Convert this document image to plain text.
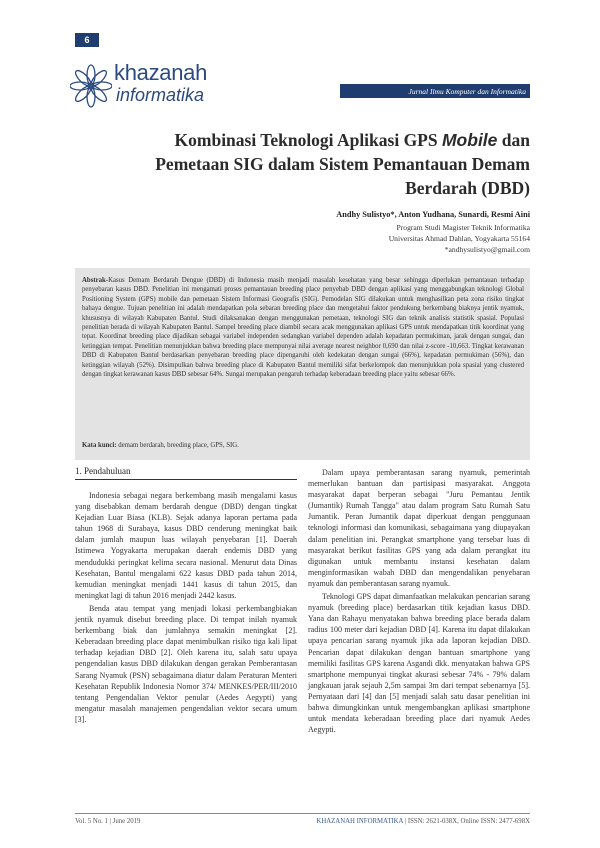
6
khazanah
informatika	Jurnal Ilmu Komputer dan Informatika
Kombinasi Teknologi Aplikasi GPS Mobile dan Pemetaan SIG dalam Sistem Pemantauan Demam Berdarah (DBD)
Andhy Sulistyo*, Anton Yudhana, Sunardi, Resmi Aini
Program Studi Magister Teknik Informatika
Universitas Ahmad Dahlan, Yogyakarta 55164
*andhysulistyo@gmail.com
Abstrak-Kasus Demam Berdarah Dengue (DBD) di Indonesia masih menjadi masalah kesehatan yang besar sehingga diperlukan pemantauan terhadap penyebaran kasus DBD. Penelitian ini mengamati proses pemantauan breeding place penyebab DBD dengan aplikasi yang menggabungkan teknologi Global Positioning System (GPS) mobile dan pemetaan Sistem Informasi Geografis (SIG). Pemodelan SIG dilakukan untuk menghasilkan peta zona risiko tingkat bahaya dengue. Tujuan penelitian ini adalah mendapatkan pola sebaran breeding place dan mengetahui faktor pendukung berkembang biaknya jentik nyamuk, khususnya di wilayah Kabupaten Bantul. Studi dilaksanakan dengan menggunakan pemetaan, teknologi SIG dan teknik analisis statistik spasial. Populasi penelitian berada di wilayah Kabupaten Bantul. Sampel breeding place diambil secara acak menggunakan aplikasi GPS untuk mendapatkan titik koordinat yang tepat. Koordinat breeding place dijadikan sebagai variabel independen sedangkan variabel dependen adalah kepadatan permukiman, jarak dengan sungai, dan ketinggian tempat. Penelitian menunjukkan bahwa breeding place mempunyai nilai average nearest neighbor 0,690 dan nilai z-score -10,663. Tingkat kerawanan DBD di Kabupaten Bantul berdasarkan penyebaran breeding place dipengaruhi oleh kedekatan dengan sungai (66%), kepadatan permukiman (56%), dan ketinggian wilayah (52%). Disimpulkan bahwa breeding place di Kabupaten Bantul memiliki sifat berkelompok dan menunjukkan pola spasial yang clustered dengan tingkat kerawanan kasus DBD sebesar 64%. Sungai merupakan pengaruh terhadap keberadaan breeding place yaitu sebesar 66%.
Kata kunci: demam berdarah, breeding place, GPS, SIG.
1. Pendahuluan

Indonesia sebagai negara berkembang masih mengalami kasus yang disebabkan demam berdarah dengue (DBD) dengan tingkat Kejadian Luar Biasa (KLB). Sejak adanya laporan pertama pada tahun 1968 di Surabaya, kasus DBD cenderung meningkat baik dalam jumlah maupun luas wilayah penyebaran [1]. Daerah Istimewa Yogyakarta merupakan daerah endemis DBD yang mendudukki peringkat kelima secara nasional. Menurut data Dinas Kesehatan, Bantul mengalami 622 kasus DBD pada tahun 2014, kemudian meningkat menjadi 1441 kasus di tahun 2015, dan meningkat lagi di tahun 2016 menjadi 2442 kasus.

Benda atau tempat yang menjadi lokasi perkembangbiakan jentik nyamuk disebut breeding place. Di tempat inilah nyamuk berkembang biak dan jumlahnya semakin meningkat [2]. Keberadaan breeding place dapat menimbulkan risiko tiga kali lipat terhadap kejadian DBD [2]. Oleh karena itu, salah satu upaya pengendalian kasus DBD dilakukan dengan gerakan Pemberantasan Sarang Nyamuk (PSN) sebagaimana diatur dalam Peraturan Menteri Kesehatan Republik Indonesia Nomor 374/ MENKES/PER/III/2010 tentang Pengendalian Vektor penular (Aedes Aegypti) yang mengatur masalah manajemen pengendalian vektor secara umum [3].

Dalam upaya pemberantasan sarang nyamuk, pemerintah memerlukan bantuan dan partisipasi masyarakat. Anggota masyarakat dapat berperan sebagai "Juru Pemantau Jentik (Jumantik) Rumah Tangga" atau dalam program Satu Rumah Satu Jumantik. Peran Jumantik dapat diperkuat dengan penggunaan teknologi informasi dan komunikasi, sebagaimana yang diupayakan dalam penelitian ini. Perangkat smartphone yang tersebar luas di masyarakat berikut fasilitas GPS yang ada dalam perangkat itu digunakan untuk membantu instansi kesehatan dalam menginformasikan wabah DBD dan mengendalikan penyebaran nyamuk dan pemberantasan sarang nyamuk.

Teknologi GPS dapat dimanfaatkan melakukan pencarian sarang nyamuk (breeding place) berdasarkan titik kejadian kasus DBD. Yana dan Rahayu menyatakan bahwa breeding place berada dalam radius 100 meter dari kejadian DBD [4]. Karena itu dapat dilakukan upaya pencarian sarang nyamuk jika ada laporan kejadian DBD. Pencarian dapat dilakukan dengan bantuan smartphone yang memiliki fasilitas GPS karena Asgandi dkk. menyatakan bahwa GPS smartphone mempunyai tingkat akurasi sebesar 74% - 79% dalam jangkauan jarak sejauh 2,5m sampai 3m dari tempat sebenarnya [5]. Pernyataan dari [4] dan [5] menjadi salah satu dasar penelitian ini bahwa dimungkinkan untuk mengembangkan aplikasi smartphone untuk mendata keberadaan breeding place dari nyamuk Aedes Aegypti.

Vol. 5 No. 1 | June 2019	KHAZANAH INFORMATIKA | ISSN: 2621-038X, Online ISSN: 2477-698X
